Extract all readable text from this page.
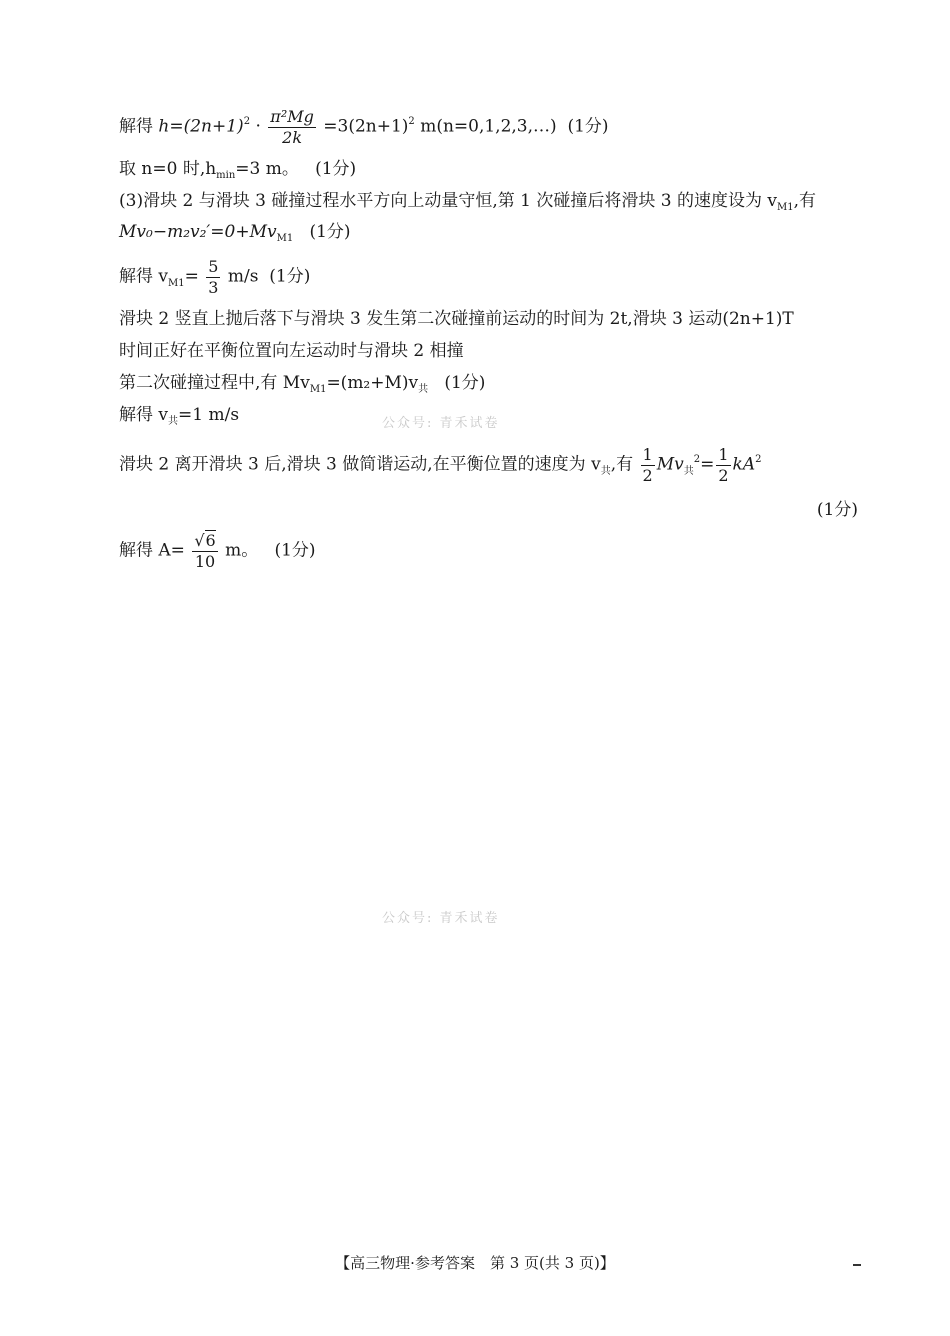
解得 $h=(2n+1)^2 \cdot \frac{\text{π²Mg}}{2k} =3(2n+1)^2$ m(n=0,1,2,3,…) (1分)
取 n=0 时$,h_{min}=3$ m。 (1分)
(3)滑块 2 与滑块 3 碰撞过程水平方向上动量守恒,第 1 次碰撞后将滑块 3 的速度设为 $v_{M1}$,有
$Mv_0-m_2v_2'=0+Mv_{M1}$ (1分)
解得 $v_{M1}= \frac{5}{3} m/s$ (1分)
滑块 2 竖直上抛后落下与滑块 3 发生第二次碰撞前运动的时间为 2t,滑块 3 运动(2n+1)T
时间正好在平衡位置向左运动时与滑块 2 相撞
第二次碰撞过程中,有 $Mv_{M1}=(m_2+M)v_共$ (1分)
解得 $v_共=1$ m/s	公众号: 青禾试卷
滑块 2 离开滑块 3 后,滑块 3 做简谐运动,在平衡位置的速度为 $v_共$,有 $\frac{1}{2} Mv_共^2= \frac{1}{2} kA^2$
(1分)
解得 $A= \frac{√6}{10}$ m。 (1分)
公众号: 青禾试卷
【高三物理·参考答案　第 3 页(共 3 页)】
